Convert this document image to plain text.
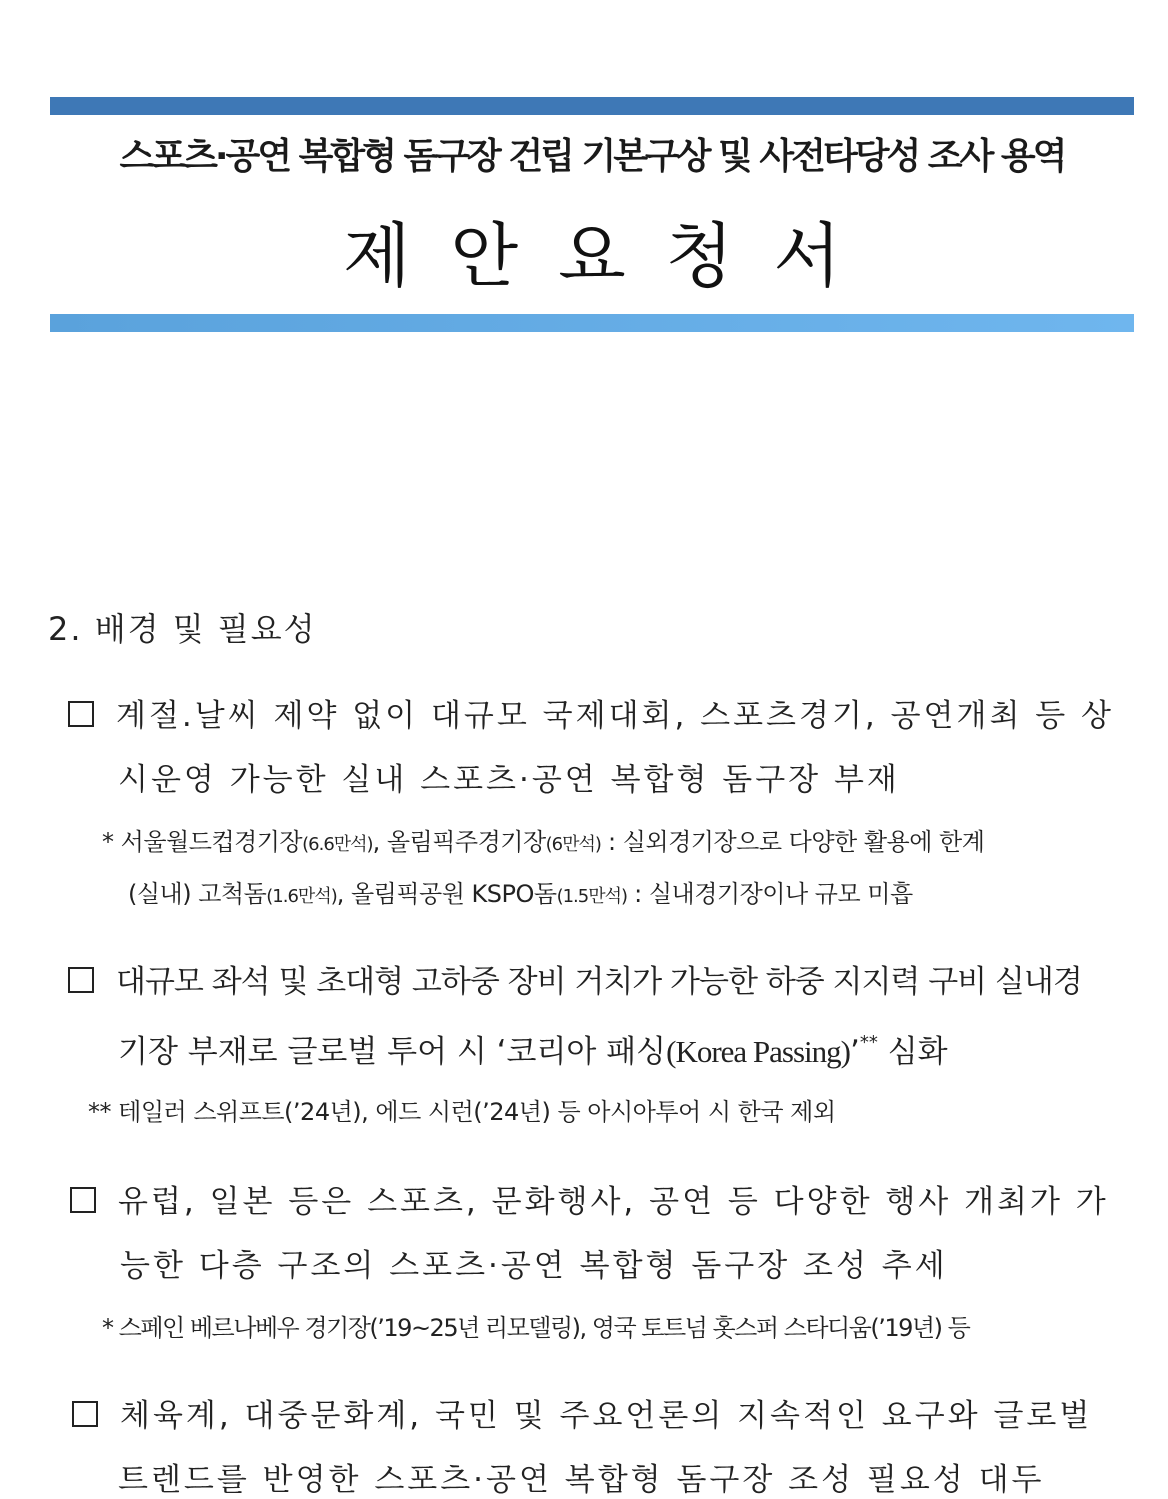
스포츠·공연 복합형 돔구장 건립 기본구상 및 사전타당성 조사 용역
제안요청서
2. 배경 및 필요성
계절.날씨 제약 없이 대규모 국제대회, 스포츠경기, 공연개최 등 상
시운영 가능한 실내 스포츠·공연 복합형 돔구장 부재
* 서울월드컵경기장(6.6만석), 올림픽주경기장(6만석) : 실외경기장으로 다양한 활용에 한계
(실내) 고척돔(1.6만석), 올림픽공원 KSPO돔(1.5만석) : 실내경기장이나 규모 미흡
대규모 좌석 및 초대형 고하중 장비 거치가 가능한 하중 지지력 구비 실내경
기장 부재로 글로벌 투어 시 ‘코리아 패싱(Korea Passing)’** 심화
** 테일러 스위프트(’24년), 에드 시런(’24년) 등 아시아투어 시 한국 제외
유럽, 일본 등은 스포츠, 문화행사, 공연 등 다양한 행사 개최가 가
능한 다층 구조의 스포츠·공연 복합형 돔구장 조성 추세
* 스페인 베르나베우 경기장(’19~25년 리모델링), 영국 토트넘 홋스퍼 스타디움(’19년) 등
체육계, 대중문화계, 국민 및 주요언론의 지속적인 요구와 글로벌
트렌드를 반영한 스포츠·공연 복합형 돔구장 조성 필요성 대두
